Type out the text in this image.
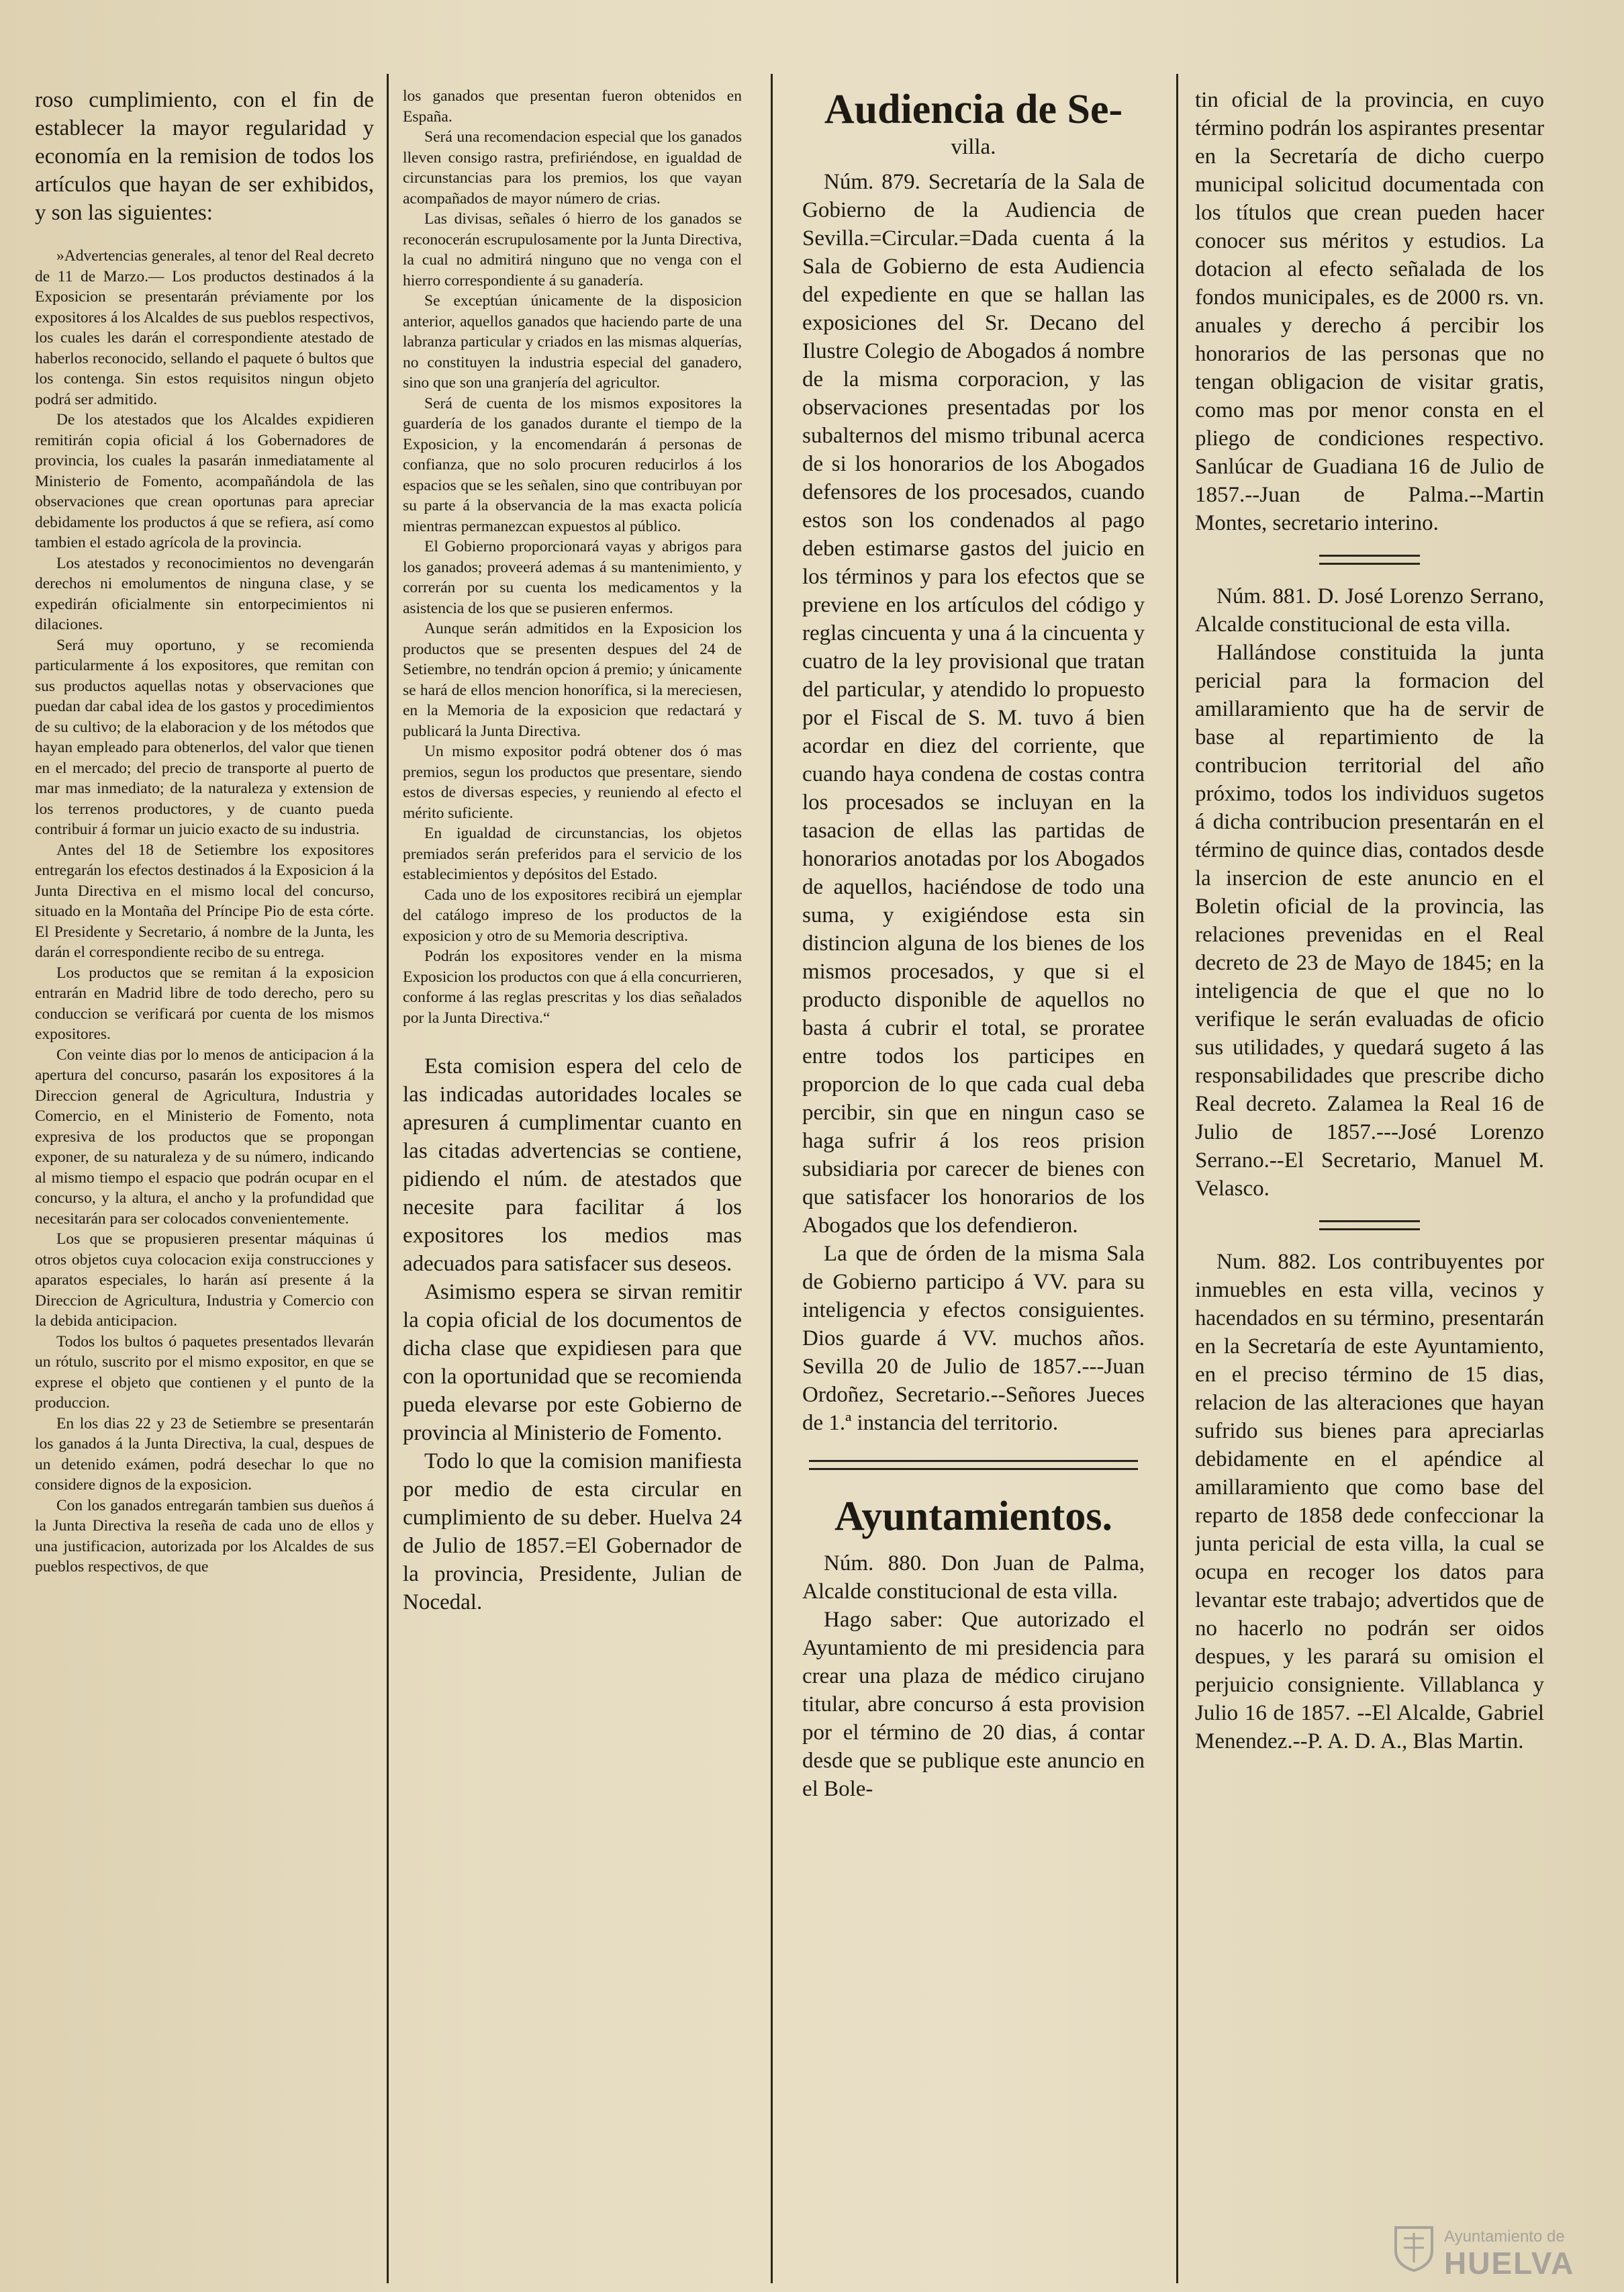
roso cumplimiento, con el fin de establecer la mayor regularidad y economía en la remision de todos los artículos que hayan de ser exhibidos, y son las siguientes:

»Advertencias generales, al tenor del Real decreto de 11 de Marzo.— Los productos destinados á la Exposicion se presentarán préviamente por los expositores á los Alcaldes de sus pueblos respectivos, los cuales les darán el correspondiente atestado de haberlos reconocido, sellando el paquete ó bultos que los contenga. Sin estos requisitos ningun objeto podrá ser admitido.

De los atestados que los Alcaldes expidieren remitirán copia oficial á los Gobernadores de provincia, los cuales la pasarán inmediatamente al Ministerio de Fomento, acompañándola de las observaciones que crean oportunas para apreciar debidamente los productos á que se refiera, así como tambien el estado agrícola de la provincia.

Los atestados y reconocimientos no devengarán derechos ni emolumentos de ninguna clase, y se expedirán oficialmente sin entorpecimientos ni dilaciones.

Será muy oportuno, y se recomienda particularmente á los expositores, que remitan con sus productos aquellas notas y observaciones que puedan dar cabal idea de los gastos y procedimientos de su cultivo; de la elaboracion y de los métodos que hayan empleado para obtenerlos, del valor que tienen en el mercado; del precio de transporte al puerto de mar mas inmediato; de la naturaleza y extension de los terrenos productores, y de cuanto pueda contribuir á formar un juicio exacto de su industria.

Antes del 18 de Setiembre los expositores entregarán los efectos destinados á la Exposicion á la Junta Directiva en el mismo local del concurso, situado en la Montaña del Príncipe Pio de esta córte. El Presidente y Secretario, á nombre de la Junta, les darán el correspondiente recibo de su entrega.

Los productos que se remitan á la exposicion entrarán en Madrid libre de todo derecho, pero su conduccion se verificará por cuenta de los mismos expositores.

Con veinte dias por lo menos de anticipacion á la apertura del concurso, pasarán los expositores á la Direccion general de Agricultura, Industria y Comercio, en el Ministerio de Fomento, nota expresiva de los productos que se propongan exponer, de su naturaleza y de su número, indicando al mismo tiempo el espacio que podrán ocupar en el concurso, y la altura, el ancho y la profundidad que necesitarán para ser colocados convenientemente.

Los que se propusieren presentar máquinas ú otros objetos cuya colocacion exija construcciones y aparatos especiales, lo harán así presente á la Direccion de Agricultura, Industria y Comercio con la debida anticipacion.

Todos los bultos ó paquetes presentados llevarán un rótulo, suscrito por el mismo expositor, en que se exprese el objeto que contienen y el punto de la produccion.

En los dias 22 y 23 de Setiembre se presentarán los ganados á la Junta Directiva, la cual, despues de un detenido exámen, podrá desechar lo que no considere dignos de la exposicion.

Con los ganados entregarán tambien sus dueños á la Junta Directiva la reseña de cada uno de ellos y una justificacion, autorizada por los Alcaldes de sus pueblos respectivos, de que

los ganados que presentan fueron obtenidos en España.

Será una recomendacion especial que los ganados lleven consigo rastra, prefiriéndose, en igualdad de circunstancias para los premios, los que vayan acompañados de mayor número de crias.

Las divisas, señales ó hierro de los ganados se reconocerán escrupulosamente por la Junta Directiva, la cual no admitirá ninguno que no venga con el hierro correspondiente á su ganadería.

Se exceptúan únicamente de la disposicion anterior, aquellos ganados que haciendo parte de una labranza particular y criados en las mismas alquerías, no constituyen la industria especial del ganadero, sino que son una granjería del agricultor.

Será de cuenta de los mismos expositores la guardería de los ganados durante el tiempo de la Exposicion, y la encomendarán á personas de confianza, que no solo procuren reducirlos á los espacios que se les señalen, sino que contribuyan por su parte á la observancia de la mas exacta policía mientras permanezcan expuestos al público.

El Gobierno proporcionará vayas y abrigos para los ganados; proveerá ademas á su mantenimiento, y correrán por su cuenta los medicamentos y la asistencia de los que se pusieren enfermos.

Aunque serán admitidos en la Exposicion los productos que se presenten despues del 24 de Setiembre, no tendrán opcion á premio; y únicamente se hará de ellos mencion honorífica, si la mereciesen, en la Memoria de la exposicion que redactará y publicará la Junta Directiva.

Un mismo expositor podrá obtener dos ó mas premios, segun los productos que presentare, siendo estos de diversas especies, y reuniendo al efecto el mérito suficiente.

En igualdad de circunstancias, los objetos premiados serán preferidos para el servicio de los establecimientos y depósitos del Estado.

Cada uno de los expositores recibirá un ejemplar del catálogo impreso de los productos de la exposicion y otro de su Memoria descriptiva.

Podrán los expositores vender en la misma Exposicion los productos con que á ella concurrieren, conforme á las reglas prescritas y los dias señalados por la Junta Directiva.“

Esta comision espera del celo de las indicadas autoridades locales se apresuren á cumplimentar cuanto en las citadas advertencias se contiene, pidiendo el núm. de atestados que necesite para facilitar á los expositores los medios mas adecuados para satisfacer sus deseos.

Asimismo espera se sirvan remitir la copia oficial de los documentos de dicha clase que expidiesen para que con la oportunidad que se recomienda pueda elevarse por este Gobierno de provincia al Ministerio de Fomento.

Todo lo que la comision manifiesta por medio de esta circular en cumplimiento de su deber. Huelva 24 de Julio de 1857.=El Gobernador de la provincia, Presidente, Julian de Nocedal.

Audiencia de Se-
villa.

Núm. 879. Secretaría de la Sala de Gobierno de la Audiencia de Sevilla.=Circular.=Dada cuenta á la Sala de Gobierno de esta Audiencia del expediente en que se hallan las exposiciones del Sr. Decano del Ilustre Colegio de Abogados á nombre de la misma corporacion, y las observaciones presentadas por los subalternos del mismo tribunal acerca de si los honorarios de los Abogados defensores de los procesados, cuando estos son los condenados al pago deben estimarse gastos del juicio en los términos y para los efectos que se previene en los artículos del código y reglas cincuenta y una á la cincuenta y cuatro de la ley provisional que tratan del particular, y atendido lo propuesto por el Fiscal de S. M. tuvo á bien acordar en diez del corriente, que cuando haya condena de costas contra los procesados se incluyan en la tasacion de ellas las partidas de honorarios anotadas por los Abogados de aquellos, haciéndose de todo una suma, y exigiéndose esta sin distincion alguna de los bienes de los mismos procesados, y que si el producto disponible de aquellos no basta á cubrir el total, se proratee entre todos los participes en proporcion de lo que cada cual deba percibir, sin que en ningun caso se haga sufrir á los reos prision subsidiaria por carecer de bienes con que satisfacer los honorarios de los Abogados que los defendieron.

La que de órden de la misma Sala de Gobierno participo á VV. para su inteligencia y efectos consiguientes. Dios guarde á VV. muchos años. Sevilla 20 de Julio de 1857.---Juan Ordoñez, Secretario.--Señores Jueces de 1.ª instancia del territorio.

Ayuntamientos.

Núm. 880. Don Juan de Palma, Alcalde constitucional de esta villa.

Hago saber: Que autorizado el Ayuntamiento de mi presidencia para crear una plaza de médico cirujano titular, abre concurso á esta provision por el término de 20 dias, á contar desde que se publique este anuncio en el Bole-

tin oficial de la provincia, en cuyo término podrán los aspirantes presentar en la Secretaría de dicho cuerpo municipal solicitud documentada con los títulos que crean pueden hacer conocer sus méritos y estudios. La dotacion al efecto señalada de los fondos municipales, es de 2000 rs. vn. anuales y derecho á percibir los honorarios de las personas que no tengan obligacion de visitar gratis, como mas por menor consta en el pliego de condiciones respectivo. Sanlúcar de Guadiana 16 de Julio de 1857.--Juan de Palma.--Martin Montes, secretario interino.

Núm. 881. D. José Lorenzo Serrano, Alcalde constitucional de esta villa.

Hallándose constituida la junta pericial para la formacion del amillaramiento que ha de servir de base al repartimiento de la contribucion territorial del año próximo, todos los individuos sugetos á dicha contribucion presentarán en el término de quince dias, contados desde la insercion de este anuncio en el Boletin oficial de la provincia, las relaciones prevenidas en el Real decreto de 23 de Mayo de 1845; en la inteligencia de que el que no lo verifique le serán evaluadas de oficio sus utilidades, y quedará sugeto á las responsabilidades que prescribe dicho Real decreto. Zalamea la Real 16 de Julio de 1857.---José Lorenzo Serrano.--El Secretario, Manuel M. Velasco.

Num. 882. Los contribuyentes por inmuebles en esta villa, vecinos y hacendados en su término, presentarán en la Secretaría de este Ayuntamiento, en el preciso término de 15 dias, relacion de las alteraciones que hayan sufrido sus bienes para apreciarlas debidamente en el apéndice al amillaramiento que como base del reparto de 1858 dede confeccionar la junta pericial de esta villa, la cual se ocupa en recoger los datos para levantar este trabajo; advertidos que de no hacerlo no podrán ser oidos despues, y les parará su omision el perjuicio consigniente. Villablanca y Julio 16 de 1857. --El Alcalde, Gabriel Menendez.--P. A. D. A., Blas Martin.

Ayuntamiento de
HUELVA
